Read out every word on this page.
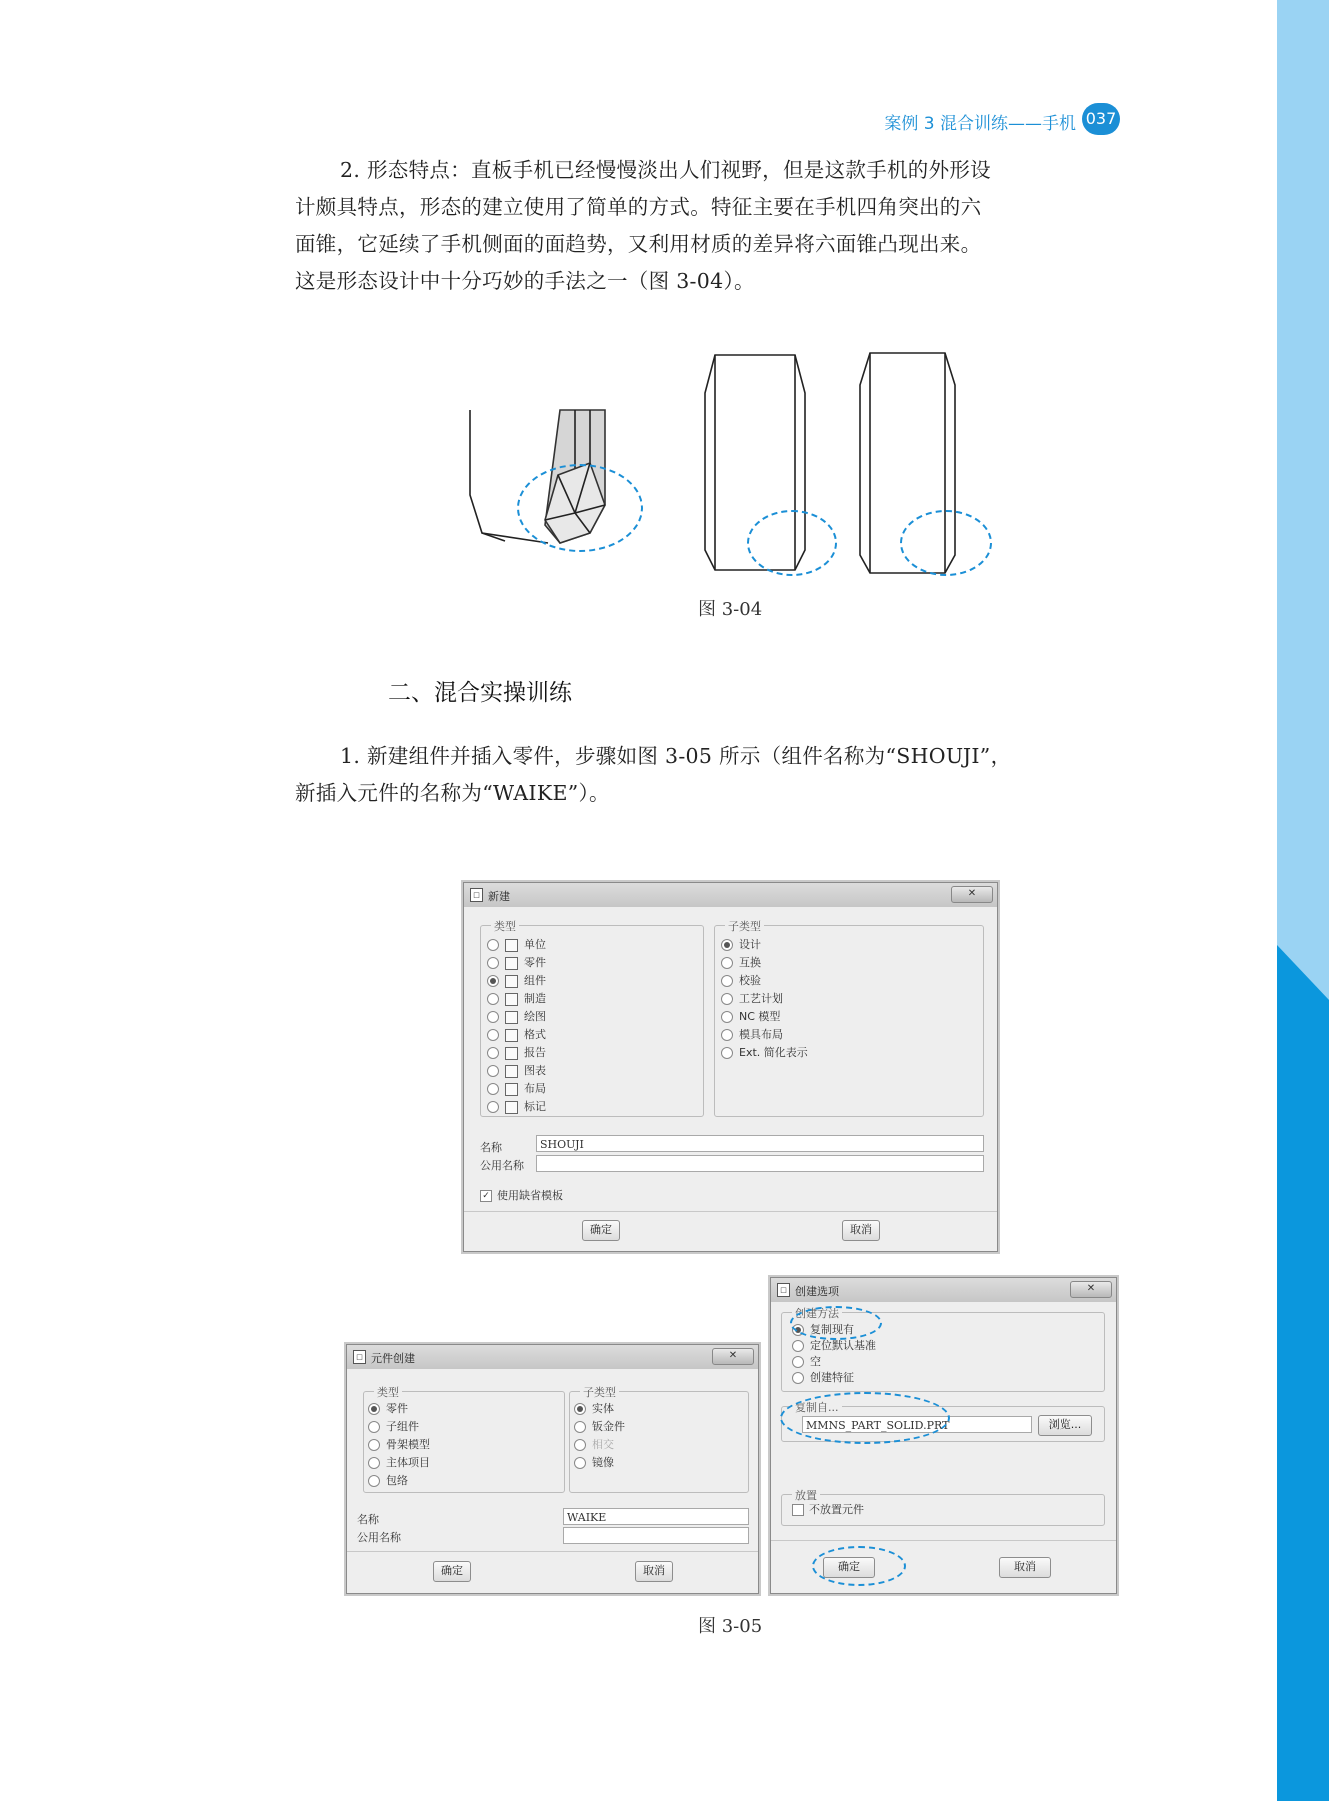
案例 3 混合训练——手机 037

2. 形态特点：直板手机已经慢慢淡出人们视野，但是这款手机的外形设

计颇具特点，形态的建立使用了简单的方式。特征主要在手机四角突出的六

面锥，它延续了手机侧面的面趋势，又利用材质的差异将六面锥凸现出来。

这是形态设计中十分巧妙的手法之一（图 3-04）。

图 3-04
二、混合实操训练

1. 新建组件并插入零件，步骤如图 3-05 所示（组件名称为“SHOUJI”，

新插入元件的名称为“WAIKE”）。

□ 新建	✕
类型
单位
零件
组件
制造
绘图
格式
报告
图表
布局
标记
子类型
设计
互换
校验
工艺计划
NC 模型
模具布局
Ext. 简化表示
名称	SHOUJI
公用名称
✓ 使用缺省模板
确定	取消
□ 元件创建	✕
类型
零件
子组件
骨架模型
主体项目
包络
子类型
实体
钣金件
相交
镜像
名称	WAIKE
公用名称
确定	取消
□ 创建选项	✕
创建方法
复制现有
定位默认基准
空
创建特征
复制自...
MMNS_PART_SOLID.PRT	浏览...
放置
不放置元件
确定	取消
图 3-05
